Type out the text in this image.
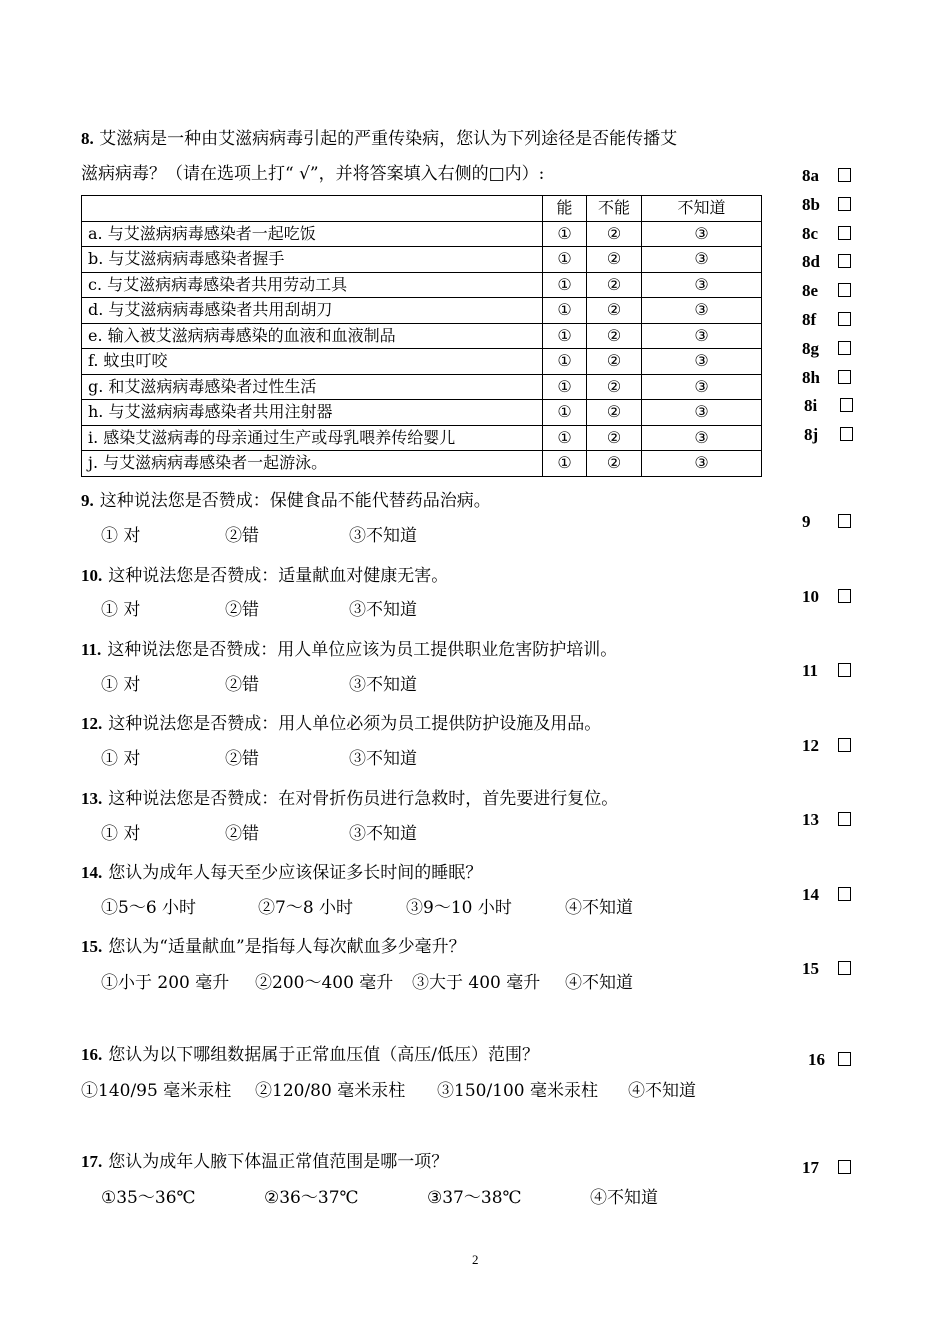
8. 艾滋病是一种由艾滋病病毒引起的严重传染病，您认为下列途径是否能传播艾
滋病病毒？（请在选项上打“ √”，并将答案填入右侧的□内）:
	能	不能	不知道
a. 与艾滋病病毒感染者一起吃饭	①	②	③
b. 与艾滋病病毒感染者握手	①	②	③
c. 与艾滋病病毒感染者共用劳动工具	①	②	③
d. 与艾滋病病毒感染者共用刮胡刀	①	②	③
e. 输入被艾滋病病毒感染的血液和血液制品	①	②	③
f. 蚊虫叮咬	①	②	③
g. 和艾滋病病毒感染者过性生活	①	②	③
h. 与艾滋病病毒感染者共用注射器	①	②	③
i. 感染艾滋病毒的母亲通过生产或母乳喂养传给婴儿	①	②	③
j. 与艾滋病病毒感染者一起游泳。	①	②	③
8a
8b
8c
8d
8e
8f
8g
8h
8i
8j
9. 这种说法您是否赞成：保健食品不能代替药品治病。
① 对	②错	③不知道
9
10. 这种说法您是否赞成：适量献血对健康无害。
① 对	②错	③不知道
10
11. 这种说法您是否赞成：用人单位应该为员工提供职业危害防护培训。
① 对	②错	③不知道
11
12. 这种说法您是否赞成：用人单位必须为员工提供防护设施及用品。
① 对	②错	③不知道
12
13. 这种说法您是否赞成：在对骨折伤员进行急救时，首先要进行复位。
① 对	②错	③不知道
13
14. 您认为成年人每天至少应该保证多长时间的睡眠？
①5～6 小时	②7～8 小时	③9～10 小时	④不知道
14
15. 您认为“适量献血”是指每人每次献血多少毫升？
①小于 200 毫升 ②200～400 毫升 ③大于 400 毫升 ④不知道
15
16. 您认为以下哪组数据属于正常血压值（高压/低压）范围？
①140/95 毫米汞柱 ②120/80 毫米汞柱 ③150/100 毫米汞柱 ④不知道
16
17. 您认为成年人腋下体温正常值范围是哪一项？
①35～36℃	②36～37℃	③37～38℃	④不知道
17
2
